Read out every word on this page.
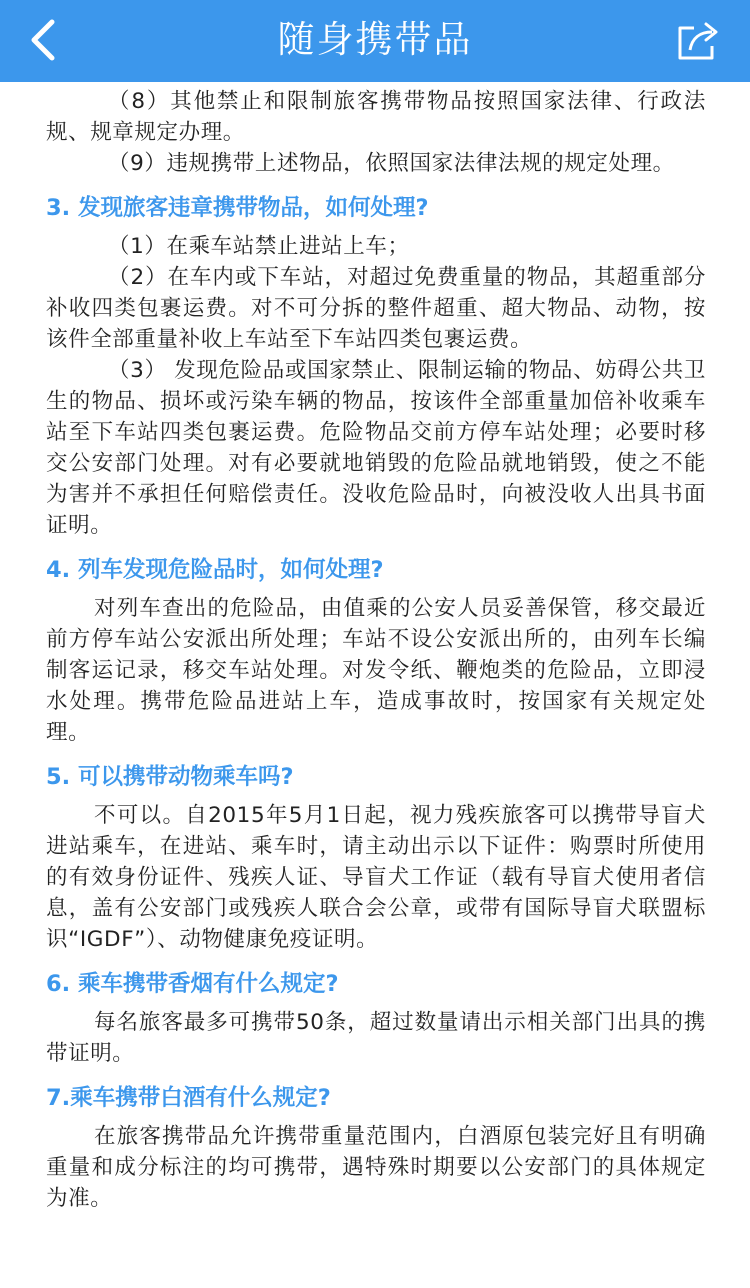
随身携带品

（8）其他禁止和限制旅客携带物品按照国家法律、行政法规、规章规定办理。

（9）违规携带上述物品，依照国家法律法规的规定处理。

3. 发现旅客违章携带物品，如何处理?

（1）在乘车站禁止进站上车；

（2）在车内或下车站，对超过免费重量的物品，其超重部分补收四类包裹运费。对不可分拆的整件超重、超大物品、动物，按该件全部重量补收上车站至下车站四类包裹运费。

（3） 发现危险品或国家禁止、限制运输的物品、妨碍公共卫生的物品、损坏或污染车辆的物品，按该件全部重量加倍补收乘车站至下车站四类包裹运费。危险物品交前方停车站处理；必要时移交公安部门处理。对有必要就地销毁的危险品就地销毁，使之不能为害并不承担任何赔偿责任。没收危险品时，向被没收人出具书面证明。

4. 列车发现危险品时，如何处理?

对列车查出的危险品，由值乘的公安人员妥善保管，移交最近前方停车站公安派出所处理；车站不设公安派出所的，由列车长编制客运记录，移交车站处理。对发令纸、鞭炮类的危险品，立即浸水处理。携带危险品进站上车，造成事故时，按国家有关规定处理。

5. 可以携带动物乘车吗?

不可以。自2015年5月1日起，视力残疾旅客可以携带导盲犬进站乘车，在进站、乘车时，请主动出示以下证件：购票时所使用的有效身份证件、残疾人证、导盲犬工作证（载有导盲犬使用者信息，盖有公安部门或残疾人联合会公章，或带有国际导盲犬联盟标识“IGDF”）、动物健康免疫证明。

6. 乘车携带香烟有什么规定?

每名旅客最多可携带50条，超过数量请出示相关部门出具的携带证明。

7.乘车携带白酒有什么规定?

在旅客携带品允许携带重量范围内，白酒原包装完好且有明确重量和成分标注的均可携带，遇特殊时期要以公安部门的具体规定为准。
